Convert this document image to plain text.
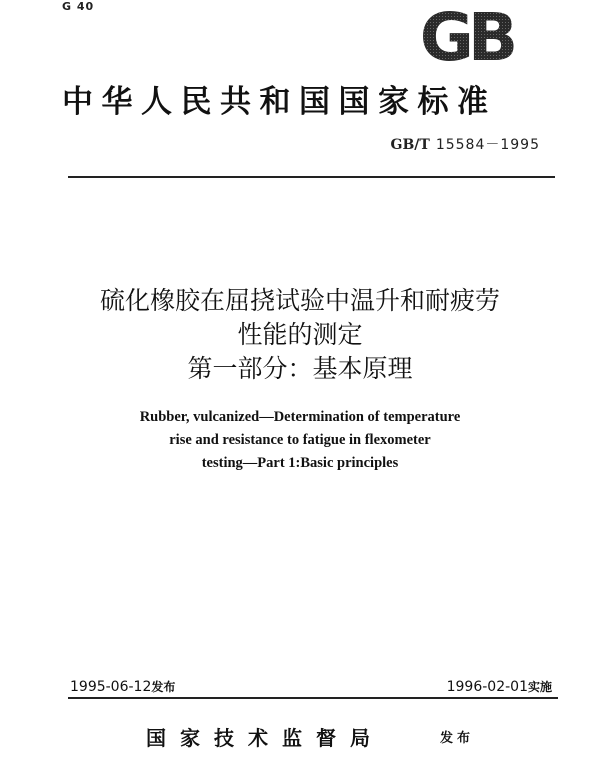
G 40	GB
中华人民共和国国家标准
GB/T 15584－1995
硫化橡胶在屈挠试验中温升和耐疲劳
性能的测定
第一部分：基本原理
Rubber, vulcanized—Determination of temperature
rise and resistance to fatigue in flexometer
testing—Part 1:Basic principles
1995-06-12发布	1996-02-01实施
国家技术监督局	发布
